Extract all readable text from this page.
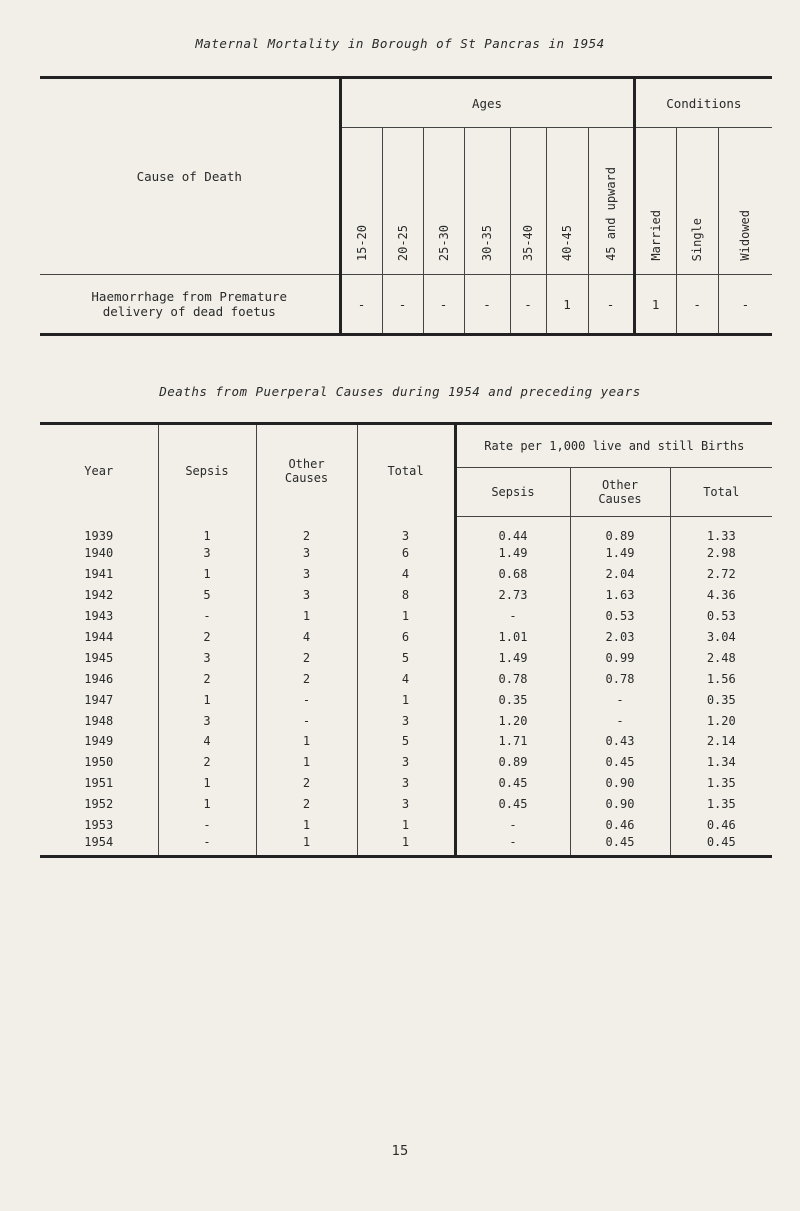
Maternal Mortality in Borough of St Pancras in 1954
Cause of Death	Ages							Conditions		
	15-20	20-25	25-30	30-35	35-40	40-45	45 and upward	Married	Single	Widowed

Haemorrhage from Premature
delivery of dead foetus	-	-	-	-	-	1	-	1	-	-
Deaths from Puerperal Causes during 1954 and preceding years
Year	Sepsis	Other Causes	Total	Rate per 1,000 live and still Births		
				Sepsis	Other Causes	Total
1939	1	2	3	0.44	0.89	1.33
1940	3	3	6	1.49	1.49	2.98
1941	1	3	4	0.68	2.04	2.72
1942	5	3	8	2.73	1.63	4.36
1943	-	1	1	-	0.53	0.53
1944	2	4	6	1.01	2.03	3.04
1945	3	2	5	1.49	0.99	2.48
1946	2	2	4	0.78	0.78	1.56
1947	1	-	1	0.35	-	0.35
1948	3	-	3	1.20	-	1.20
1949	4	1	5	1.71	0.43	2.14
1950	2	1	3	0.89	0.45	1.34
1951	1	2	3	0.45	0.90	1.35
1952	1	2	3	0.45	0.90	1.35
1953	-	1	1	-	0.46	0.46
1954	-	1	1	-	0.45	0.45
15
